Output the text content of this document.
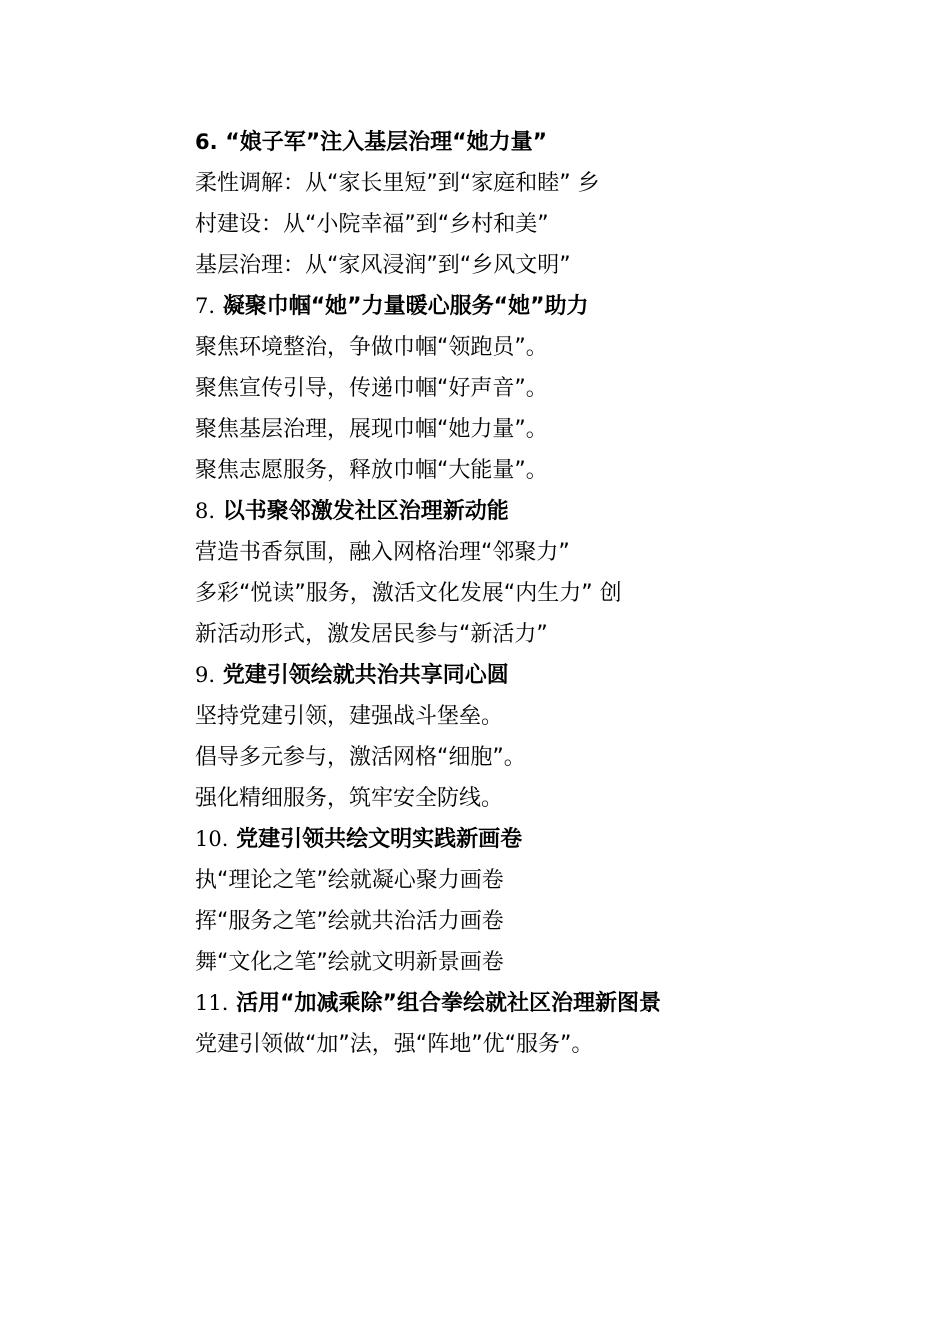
6. “娘子军”注入基层治理“她力量”

柔性调解：从“家长里短”到“家庭和睦” 乡

村建设：从“小院幸福”到“乡村和美”

基层治理：从“家风浸润”到“乡风文明”

7. 凝聚巾帼“她”力量暖心服务“她”助力

聚焦环境整治，争做巾帼“领跑员”。

聚焦宣传引导，传递巾帼“好声音”。

聚焦基层治理，展现巾帼“她力量”。

聚焦志愿服务，释放巾帼“大能量”。

8. 以书聚邻激发社区治理新动能

营造书香氛围，融入网格治理“邻聚力”

多彩“悦读”服务，激活文化发展“内生力” 创

新活动形式，激发居民参与“新活力”

9. 党建引领绘就共治共享同心圆

坚持党建引领，建强战斗堡垒。

倡导多元参与，激活网格“细胞”。

强化精细服务，筑牢安全防线。

10. 党建引领共绘文明实践新画卷

执“理论之笔”绘就凝心聚力画卷

挥“服务之笔”绘就共治活力画卷

舞“文化之笔”绘就文明新景画卷

11. 活用“加减乘除”组合拳绘就社区治理新图景

党建引领做“加”法，强“阵地”优“服务”。
